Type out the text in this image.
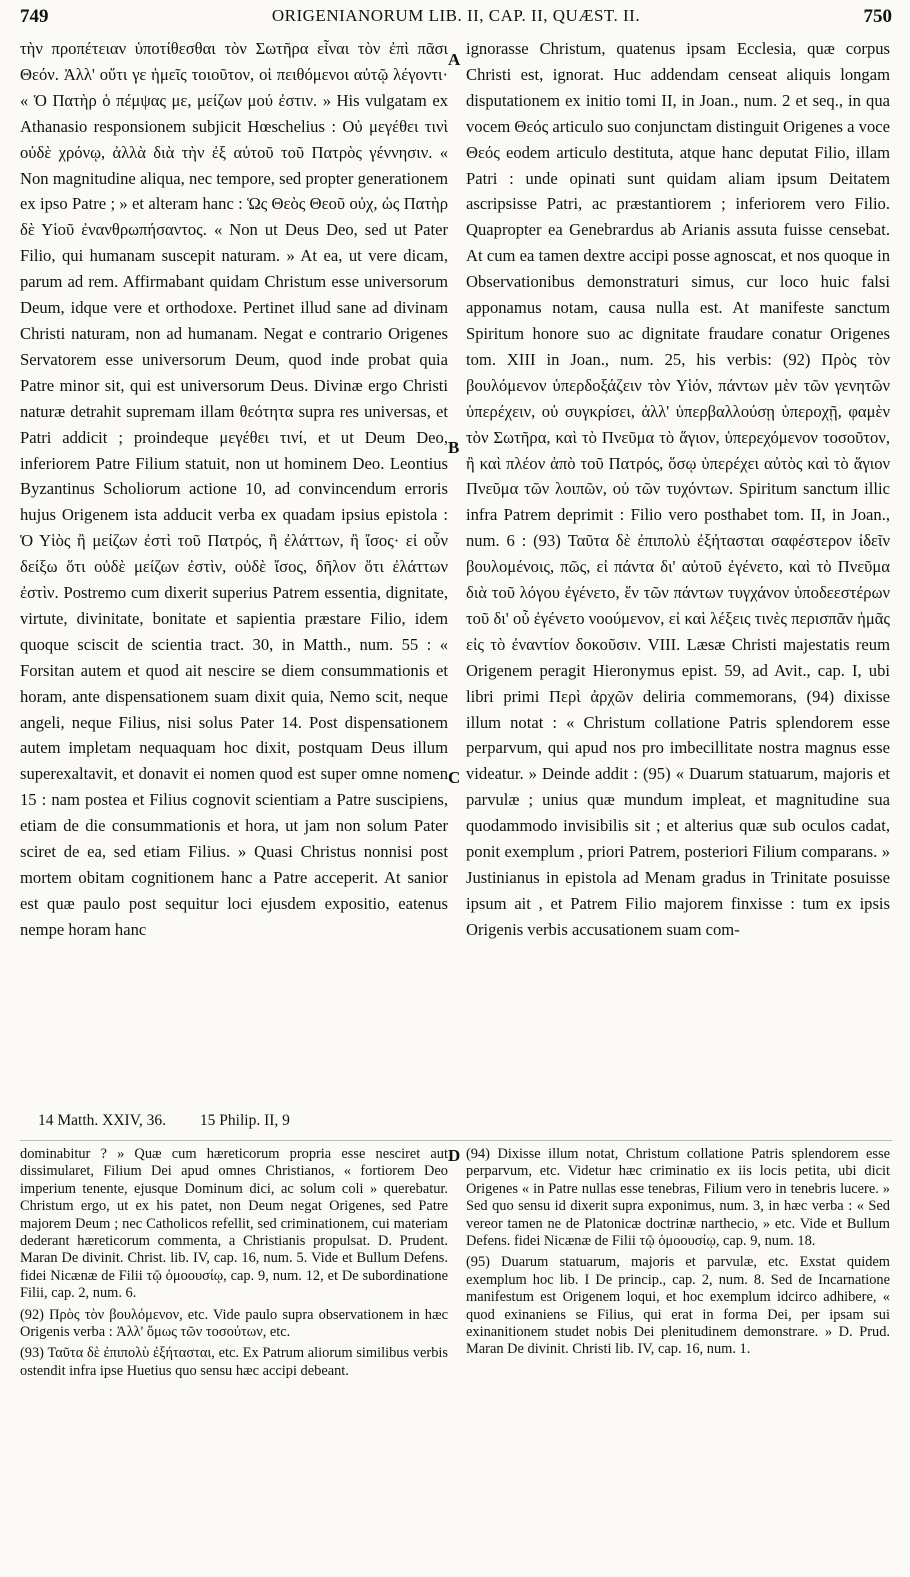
749	ORIGENIANORUM LIB. II, CAP. II, QUÆST. II.	750

τὴν προπέτειαν ὑποτίθεσθαι τὸν Σωτῆρα εἶναι τὸν ἐπὶ πᾶσι Θεόν. Ἀλλ' οὔτι γε ἡμεῖς τοιοῦτον, οἱ πειθόμενοι αὐτῷ λέγοντι· « Ὁ Πατὴρ ὁ πέμψας με, μείζων μού ἐστιν. » His vulgatam ex Athanasio responsionem subjicit Hœschelius : Οὐ μεγέθει τινὶ οὐδὲ χρόνῳ, ἀλλὰ διὰ τὴν ἐξ αὐτοῦ τοῦ Πατρὸς γέννησιν. « Non magnitudine aliqua, nec tempore, sed propter generationem ex ipso Patre ; » et alteram hanc : Ὡς Θεὸς Θεοῦ οὐχ, ὡς Πατὴρ δὲ Υἱοῦ ἐνανθρωπήσαντος. « Non ut Deus Deo, sed ut Pater Filio, qui humanam suscepit naturam. » At ea, ut vere dicam, parum ad rem. Affirmabant quidam Christum esse universorum Deum, idque vere et orthodoxe. Pertinet illud sane ad divinam Christi naturam, non ad humanam. Negat e contrario Origenes Servatorem esse universorum Deum, quod inde probat quia Patre minor sit, qui est universorum Deus. Divinæ ergo Christi naturæ detrahit supremam illam θεότητα supra res universas, et Patri addicit ; proindeque μεγέθει τινί, et ut Deum Deo, inferiorem Patre Filium statuit, non ut hominem Deo. Leontius Byzantinus Scholiorum actione 10, ad convincendum erroris hujus Origenem ista adducit verba ex quadam ipsius epistola : Ὁ Υἱὸς ἢ μείζων ἐστὶ τοῦ Πατρός, ἢ ἐλάττων, ἢ ἴσος· εἰ οὖν δείξω ὅτι οὐδὲ μείζων ἐστὶν, οὐδὲ ἴσος, δῆλον ὅτι ἐλάττων ἐστὶν. Postremo cum dixerit superius Patrem essentia, dignitate, virtute, divinitate, bonitate et sapientia præstare Filio, idem quoque sciscit de scientia tract. 30, in Matth., num. 55 : « Forsitan autem et quod ait nescire se diem consummationis et horam, ante dispensationem suam dixit quia, Nemo scit, neque angeli, neque Filius, nisi solus Pater 14. Post dispensationem autem impletam nequaquam hoc dixit, postquam Deus illum superexaltavit, et donavit ei nomen quod est super omne nomen 15 : nam postea et Filius cognovit scientiam a Patre suscipiens, etiam de die consummationis et hora, ut jam non solum Pater sciret de ea, sed etiam Filius. » Quasi Christus nonnisi post mortem obitam cognitionem hanc a Patre acceperit. At sanior est quæ paulo post sequitur loci ejusdem expositio, eatenus nempe horam hanc

ignorasse Christum, quatenus ipsam Ecclesia, quæ corpus Christi est, ignorat. Huc addendam censeat aliquis longam disputationem ex initio tomi II, in Joan., num. 2 et seq., in qua vocem Θεός articulo suo conjunctam distinguit Origenes a voce Θεός eodem articulo destituta, atque hanc deputat Filio, illam Patri : unde opinati sunt quidam aliam ipsum Deitatem ascripsisse Patri, ac præstantiorem ; inferiorem vero Filio. Quapropter ea Genebrardus ab Arianis assuta fuisse censebat. At cum ea tamen dextre accipi posse agnoscat, et nos quoque in Observationibus demonstraturi simus, cur loco huic falsi apponamus notam, causa nulla est. At manifeste sanctum Spiritum honore suo ac dignitate fraudare conatur Origenes tom. XIII in Joan., num. 25, his verbis: (92) Πρὸς τὸν βουλόμενον ὑπερδοξάζειν τὸν Υἱόν, πάντων μὲν τῶν γενητῶν ὑπερέχειν, οὐ συγκρίσει, ἀλλ' ὑπερβαλλούσῃ ὑπεροχῇ, φαμὲν τὸν Σωτῆρα, καὶ τὸ Πνεῦμα τὸ ἅγιον, ὑπερεχόμενον τοσοῦτον, ἢ καὶ πλέον ἀπὸ τοῦ Πατρός, ὅσῳ ὑπερέχει αὐτὸς καὶ τὸ ἅγιον Πνεῦμα τῶν λοιπῶν, οὐ τῶν τυχόντων. Spiritum sanctum illic infra Patrem deprimit : Filio vero posthabet tom. II, in Joan., num. 6 : (93) Ταῦτα δὲ ἐπιπολὺ ἐξήτασται σαφέστερον ἰδεῖν βουλομένοις, πῶς, εἰ πάντα δι' αὐτοῦ ἐγένετο, καὶ τὸ Πνεῦμα διὰ τοῦ λόγου ἐγένετο, ἕν τῶν πάντων τυγχάνον ὑποδεεστέρων τοῦ δι' οὗ ἐγένετο νοούμενον, εἰ καὶ λέξεις τινὲς περισπᾶν ἡμᾶς εἰς τὸ ἐναντίον δοκοῦσιν. VIII. Læsæ Christi majestatis reum Origenem peragit Hieronymus epist. 59, ad Avit., cap. I, ubi libri primi Περὶ ἀρχῶν deliria commemorans, (94) dixisse illum notat : « Christum collatione Patris splendorem esse perparvum, qui apud nos pro imbecillitate nostra magnus esse videatur. » Deinde addit : (95) « Duarum statuarum, majoris et parvulæ ; unius quæ mundum impleat, et magnitudine sua quodammodo invisibilis sit ; et alterius quæ sub oculos cadat, ponit exemplum , priori Patrem, posteriori Filium comparans. » Justinianus in epistola ad Menam gradus in Trinitate posuisse ipsum ait , et Patrem Filio majorem finxisse : tum ex ipsis Origenis verbis accusationem suam com-

A
B
C
D
14 Matth. XXIV, 36. 15 Philip. II, 9

dominabitur ? » Quæ cum hæreticorum propria esse nesciret aut dissimularet, Filium Dei apud omnes Christianos, « fortiorem Deo imperium tenente, ejusque Dominum dici, ac solum coli » querebatur. Christum ergo, ut ex his patet, non Deum negat Origenes, sed Patre majorem Deum ; nec Catholicos refellit, sed criminationem, cui materiam dederant hæreticorum commenta, a Christianis propulsat. D. Prudent. Maran De divinit. Christ. lib. IV, cap. 16, num. 5. Vide et Bullum Defens. fidei Nicænæ de Filii τῷ ὁμοουσίῳ, cap. 9, num. 12, et De subordinatione Filii, cap. 2, num. 6.

(92) Πρὸς τὸν βουλόμενον, etc. Vide paulo supra observationem in hæc Origenis verba : Ἀλλ' ὅμως τῶν τοσούτων, etc.

(93) Ταῦτα δὲ ἐπιπολὺ ἐξήτασται, etc. Ex Patrum aliorum similibus verbis ostendit infra ipse Huetius quo sensu hæc accipi debeant.

(94) Dixisse illum notat, Christum collatione Patris splendorem esse perparvum, etc. Videtur hæc criminatio ex iis locis petita, ubi dicit Origenes « in Patre nullas esse tenebras, Filium vero in tenebris lucere. » Sed quo sensu id dixerit supra exponimus, num. 3, in hæc verba : « Sed vereor tamen ne de Platonicæ doctrinæ narthecio, » etc. Vide et Bullum Defens. fidei Nicænæ de Filii τῷ ὁμοουσίῳ, cap. 9, num. 18.

(95) Duarum statuarum, majoris et parvulæ, etc. Exstat quidem exemplum hoc lib. I De princip., cap. 2, num. 8. Sed de Incarnatione manifestum est Origenem loqui, et hoc exemplum idcirco adhibere, « quod exinaniens se Filius, qui erat in forma Dei, per ipsam sui exinanitionem studet nobis Dei plenitudinem demonstrare. » D. Prud. Maran De divinit. Christi lib. IV, cap. 16, num. 1.
